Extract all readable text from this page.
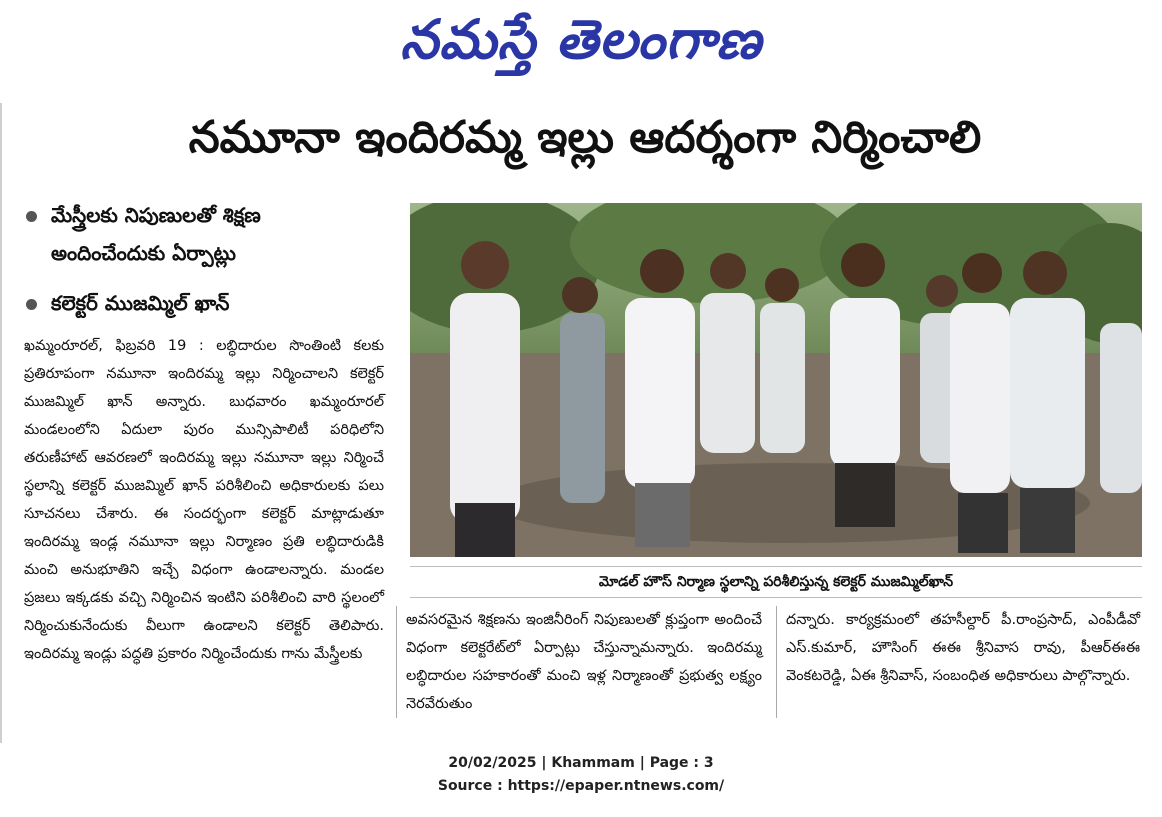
నమస్తే తెలంగాణ
నమూనా ఇందిరమ్మ ఇల్లు ఆదర్శంగా నిర్మించాలి
మేస్త్రీలకు నిపుణులతో శిక్షణ
అందించేందుకు ఏర్పాట్లు
కలెక్టర్ ముజమ్మిల్ ఖాన్

ఖమ్మంరూరల్, ఫిబ్రవరి 19 : లబ్ధిదారుల సొంతింటి కలకు ప్రతిరూపంగా నమూనా ఇందిరమ్మ ఇల్లు నిర్మించాలని కలెక్టర్ ముజమ్మిల్ ఖాన్ అన్నారు. బుధవారం ఖమ్మంరూరల్ మండలంలోని ఏదులా పురం మున్సిపాలిటీ పరిధిలోని తరుణీహాట్ ఆవరణలో ఇందిరమ్మ ఇల్లు నమూనా ఇల్లు నిర్మించే స్థలాన్ని కలెక్టర్ ముజమ్మిల్ ఖాన్ పరిశీలించి అధికారులకు పలు సూచనలు చేశారు. ఈ సందర్భంగా కలెక్టర్ మాట్లాడుతూ ఇందిరమ్మ ఇండ్ల నమూనా ఇల్లు నిర్మాణం ప్రతి లబ్ధిదారుడికి మంచి అనుభూతిని ఇచ్చే విధంగా ఉండాలన్నారు. మండల ప్రజలు ఇక్కడకు వచ్చి నిర్మించిన ఇంటిని పరిశీలించి వారి స్థలంలో నిర్మించుకునేందుకు వీలుగా ఉండాలని కలెక్టర్ తెలిపారు. ఇందిరమ్మ ఇండ్లు పద్ధతి ప్రకారం నిర్మించేందుకు గాను మేస్త్రీలకు

మోడల్ హౌస్ నిర్మాణ స్థలాన్ని పరిశీలిస్తున్న కలెక్టర్ ముజమ్మిల్‌ఖాన్

అవసరమైన శిక్షణను ఇంజినీరింగ్ నిపుణులతో క్లుప్తంగా అందించే విధంగా కలెక్టరేట్‌లో ఏర్పాట్లు చేస్తున్నామన్నారు. ఇందిరమ్మ లబ్ధిదారుల సహకారంతో మంచి ఇళ్ల నిర్మాణంతో ప్రభుత్వ లక్ష్యం నెరవేరుతుం

దన్నారు. కార్యక్రమంలో తహసీల్దార్ పీ.రాంప్రసాద్, ఎంపీడీవో ఎస్.కుమార్, హౌసింగ్ ఈఈ శ్రీనివాస రావు, పీఆర్‌ఈఈ వెంకటరెడ్డి, ఏఈ శ్రీనివాస్, సంబంధిత అధికారులు పాల్గొన్నారు.

20/02/2025 | Khammam | Page : 3
Source : https://epaper.ntnews.com/
